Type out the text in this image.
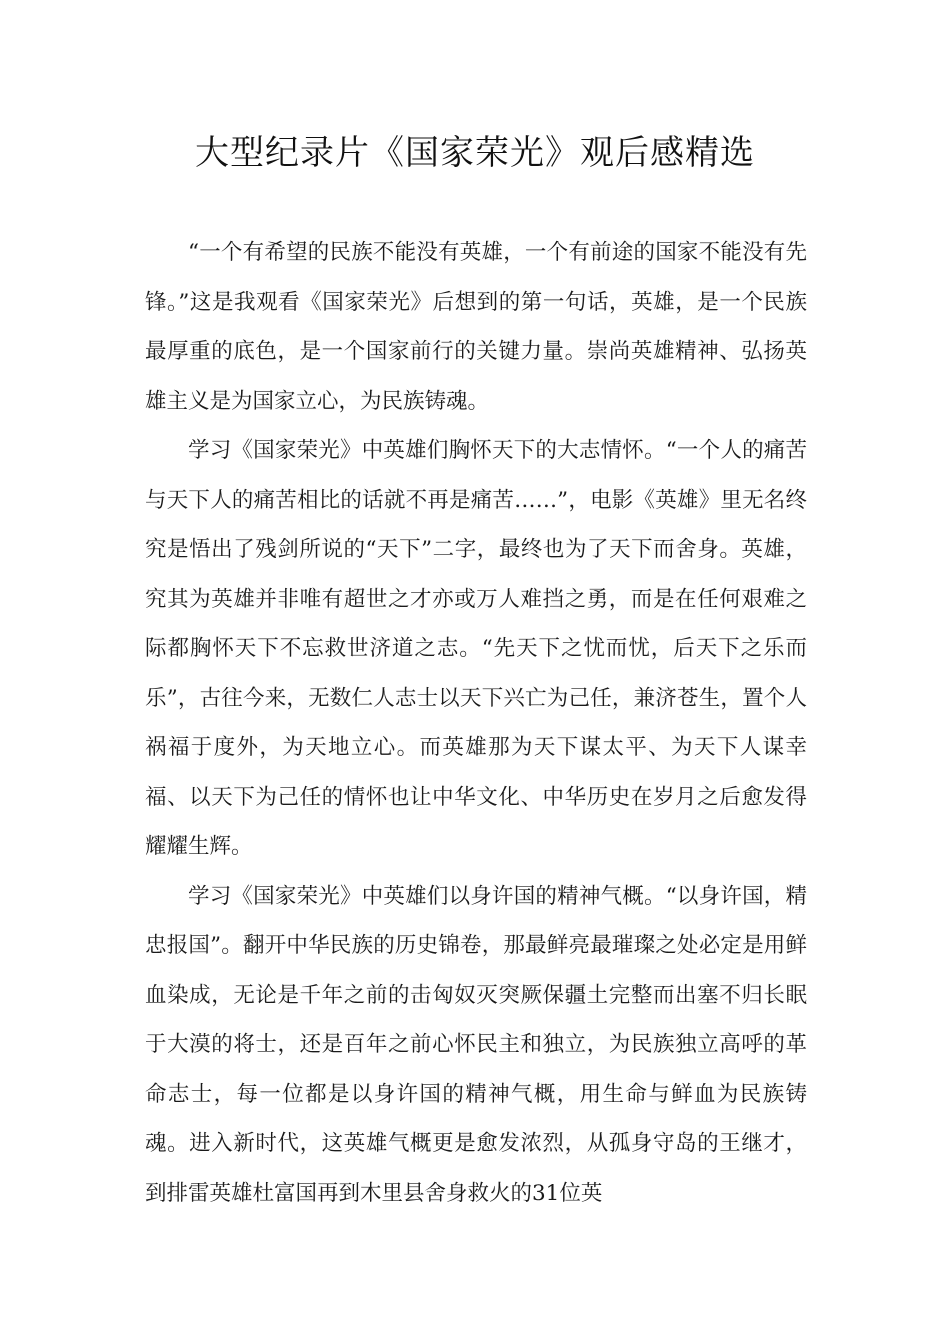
大型纪录片《国家荣光》观后感精选

“一个有希望的民族不能没有英雄，一个有前途的国家不能没有先锋。”这是我观看《国家荣光》后想到的第一句话，英雄，是一个民族最厚重的底色，是一个国家前行的关键力量。崇尚英雄精神、弘扬英雄主义是为国家立心，为民族铸魂。

学习《国家荣光》中英雄们胸怀天下的大志情怀。“一个人的痛苦与天下人的痛苦相比的话就不再是痛苦……”，电影《英雄》里无名终究是悟出了残剑所说的“天下”二字，最终也为了天下而舍身。英雄，究其为英雄并非唯有超世之才亦或万人难挡之勇，而是在任何艰难之际都胸怀天下不忘救世济道之志。“先天下之忧而忧，后天下之乐而乐”，古往今来，无数仁人志士以天下兴亡为己任，兼济苍生，置个人祸福于度外，为天地立心。而英雄那为天下谋太平、为天下人谋幸福、以天下为己任的情怀也让中华文化、中华历史在岁月之后愈发得耀耀生辉。

学习《国家荣光》中英雄们以身许国的精神气概。“以身许国，精忠报国”。翻开中华民族的历史锦卷，那最鲜亮最璀璨之处必定是用鲜血染成，无论是千年之前的击匈奴灭突厥保疆土完整而出塞不归长眠于大漠的将士，还是百年之前心怀民主和独立，为民族独立高呼的革命志士，每一位都是以身许国的精神气概，用生命与鲜血为民族铸魂。进入新时代，这英雄气概更是愈发浓烈，从孤身守岛的王继才，到排雷英雄杜富国再到木里县舍身救火的31位英
